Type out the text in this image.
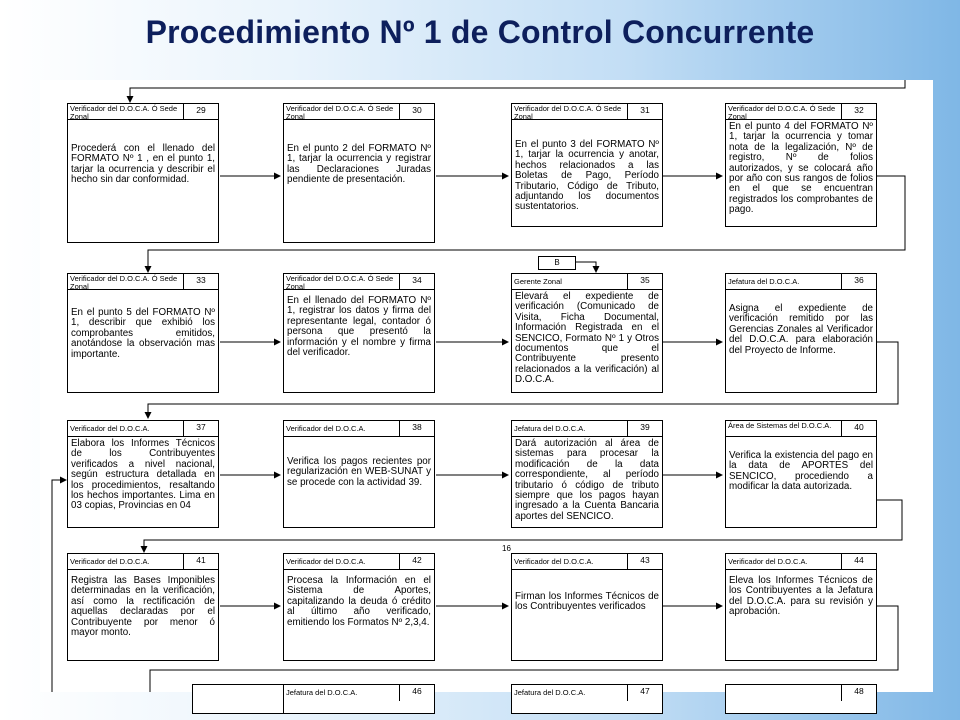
Procedimiento Nº 1 de Control Concurrente
B
16
Verificador del D.O.C.A. Ó Sede Zonal
29
Procederá con el llenado del FORMATO Nº 1 , en el punto 1, tarjar la ocurrencia y describir el hecho sin dar conformidad.
Verificador del D.O.C.A. Ó Sede Zonal
30
En el punto 2 del FORMATO Nº 1, tarjar la ocurrencia y registrar las Declaraciones Juradas pendiente de presentación.
Verificador del D.O.C.A. Ó Sede Zonal
31
En el punto 3 del FORMATO Nº 1, tarjar la ocurrencia y anotar, hechos relacionados a las Boletas de Pago, Período Tributario, Código de Tributo, adjuntando los documentos sustentatorios.
Verificador del D.O.C.A. Ó Sede Zonal
32
En el punto 4 del FORMATO Nº 1, tarjar la ocurrencia y tomar nota de la legalización, Nº de registro, Nº de folios autorizados, y se colocará año por año con sus rangos de folios en el que se encuentran registrados los comprobantes de pago.
Verificador del D.O.C.A. Ó Sede Zonal
33
En el punto 5 del FORMATO Nº 1, describir que exhibió los comprobantes emitidos, anotándose la observación mas importante.
Verificador del D.O.C.A. Ó Sede Zonal
34
En el llenado del FORMATO Nº 1, registrar los datos y firma del representante legal, contador ó persona que presentó la información y el nombre y firma del verificador.
Gerente Zonal	35
Elevará el expediente de verificación (Comunicado de Visita, Ficha Documental, Información Registrada en el SENCICO, Formato Nº 1 y Otros documentos que el Contribuyente presento relacionados a la verificación) al D.O.C.A.
Jefatura del D.O.C.A.	36
Asigna el expediente de verificación remitido por las Gerencias Zonales al Verificador del D.O.C.A. para elaboración del Proyecto de Informe.
Verificador del D.O.C.A.	37
Elabora los Informes Técnicos de los Contribuyentes verificados a nivel nacional, según estructura detallada en los procedimientos, resaltando los hechos importantes. Lima en 03 copias, Provincias en 04
Verificador del D.O.C.A.	38
Verifica los pagos recientes por regularización en WEB-SUNAT y se procede con la actividad 39.
Jefatura del D.O.C.A.	39
Dará autorización al área de sistemas para procesar la modificación de la data correspondiente, al período tributario ó código de tributo siempre que los pagos hayan ingresado a la Cuenta Bancaria aportes del SENCICO.
Área de Sistemas del D.O.C.A.	40
Verifica la existencia del pago en la data de APORTES del SENCICO, procediendo a modificar la data autorizada.
Verificador del D.O.C.A.	41
Registra las Bases Imponibles determinadas en la verificación, así como la rectificación de aquellas declaradas por el Contribuyente por menor ó mayor monto.
Verificador del D.O.C.A.	42
Procesa la Información en el Sistema de Aportes, capitalizando la deuda ó crédito al último año verificado, emitiendo los Formatos Nº 2,3,4.
Verificador del D.O.C.A.	43
Firman los Informes Técnicos de los Contribuyentes verificados
Verificador del D.O.C.A.	44
Eleva los Informes Técnicos de los Contribuyentes a la Jefatura del D.O.C.A. para su revisión y aprobación.
Jefatura del D.O.C.A.	46	Jefatura del D.O.C.A.	47	48
